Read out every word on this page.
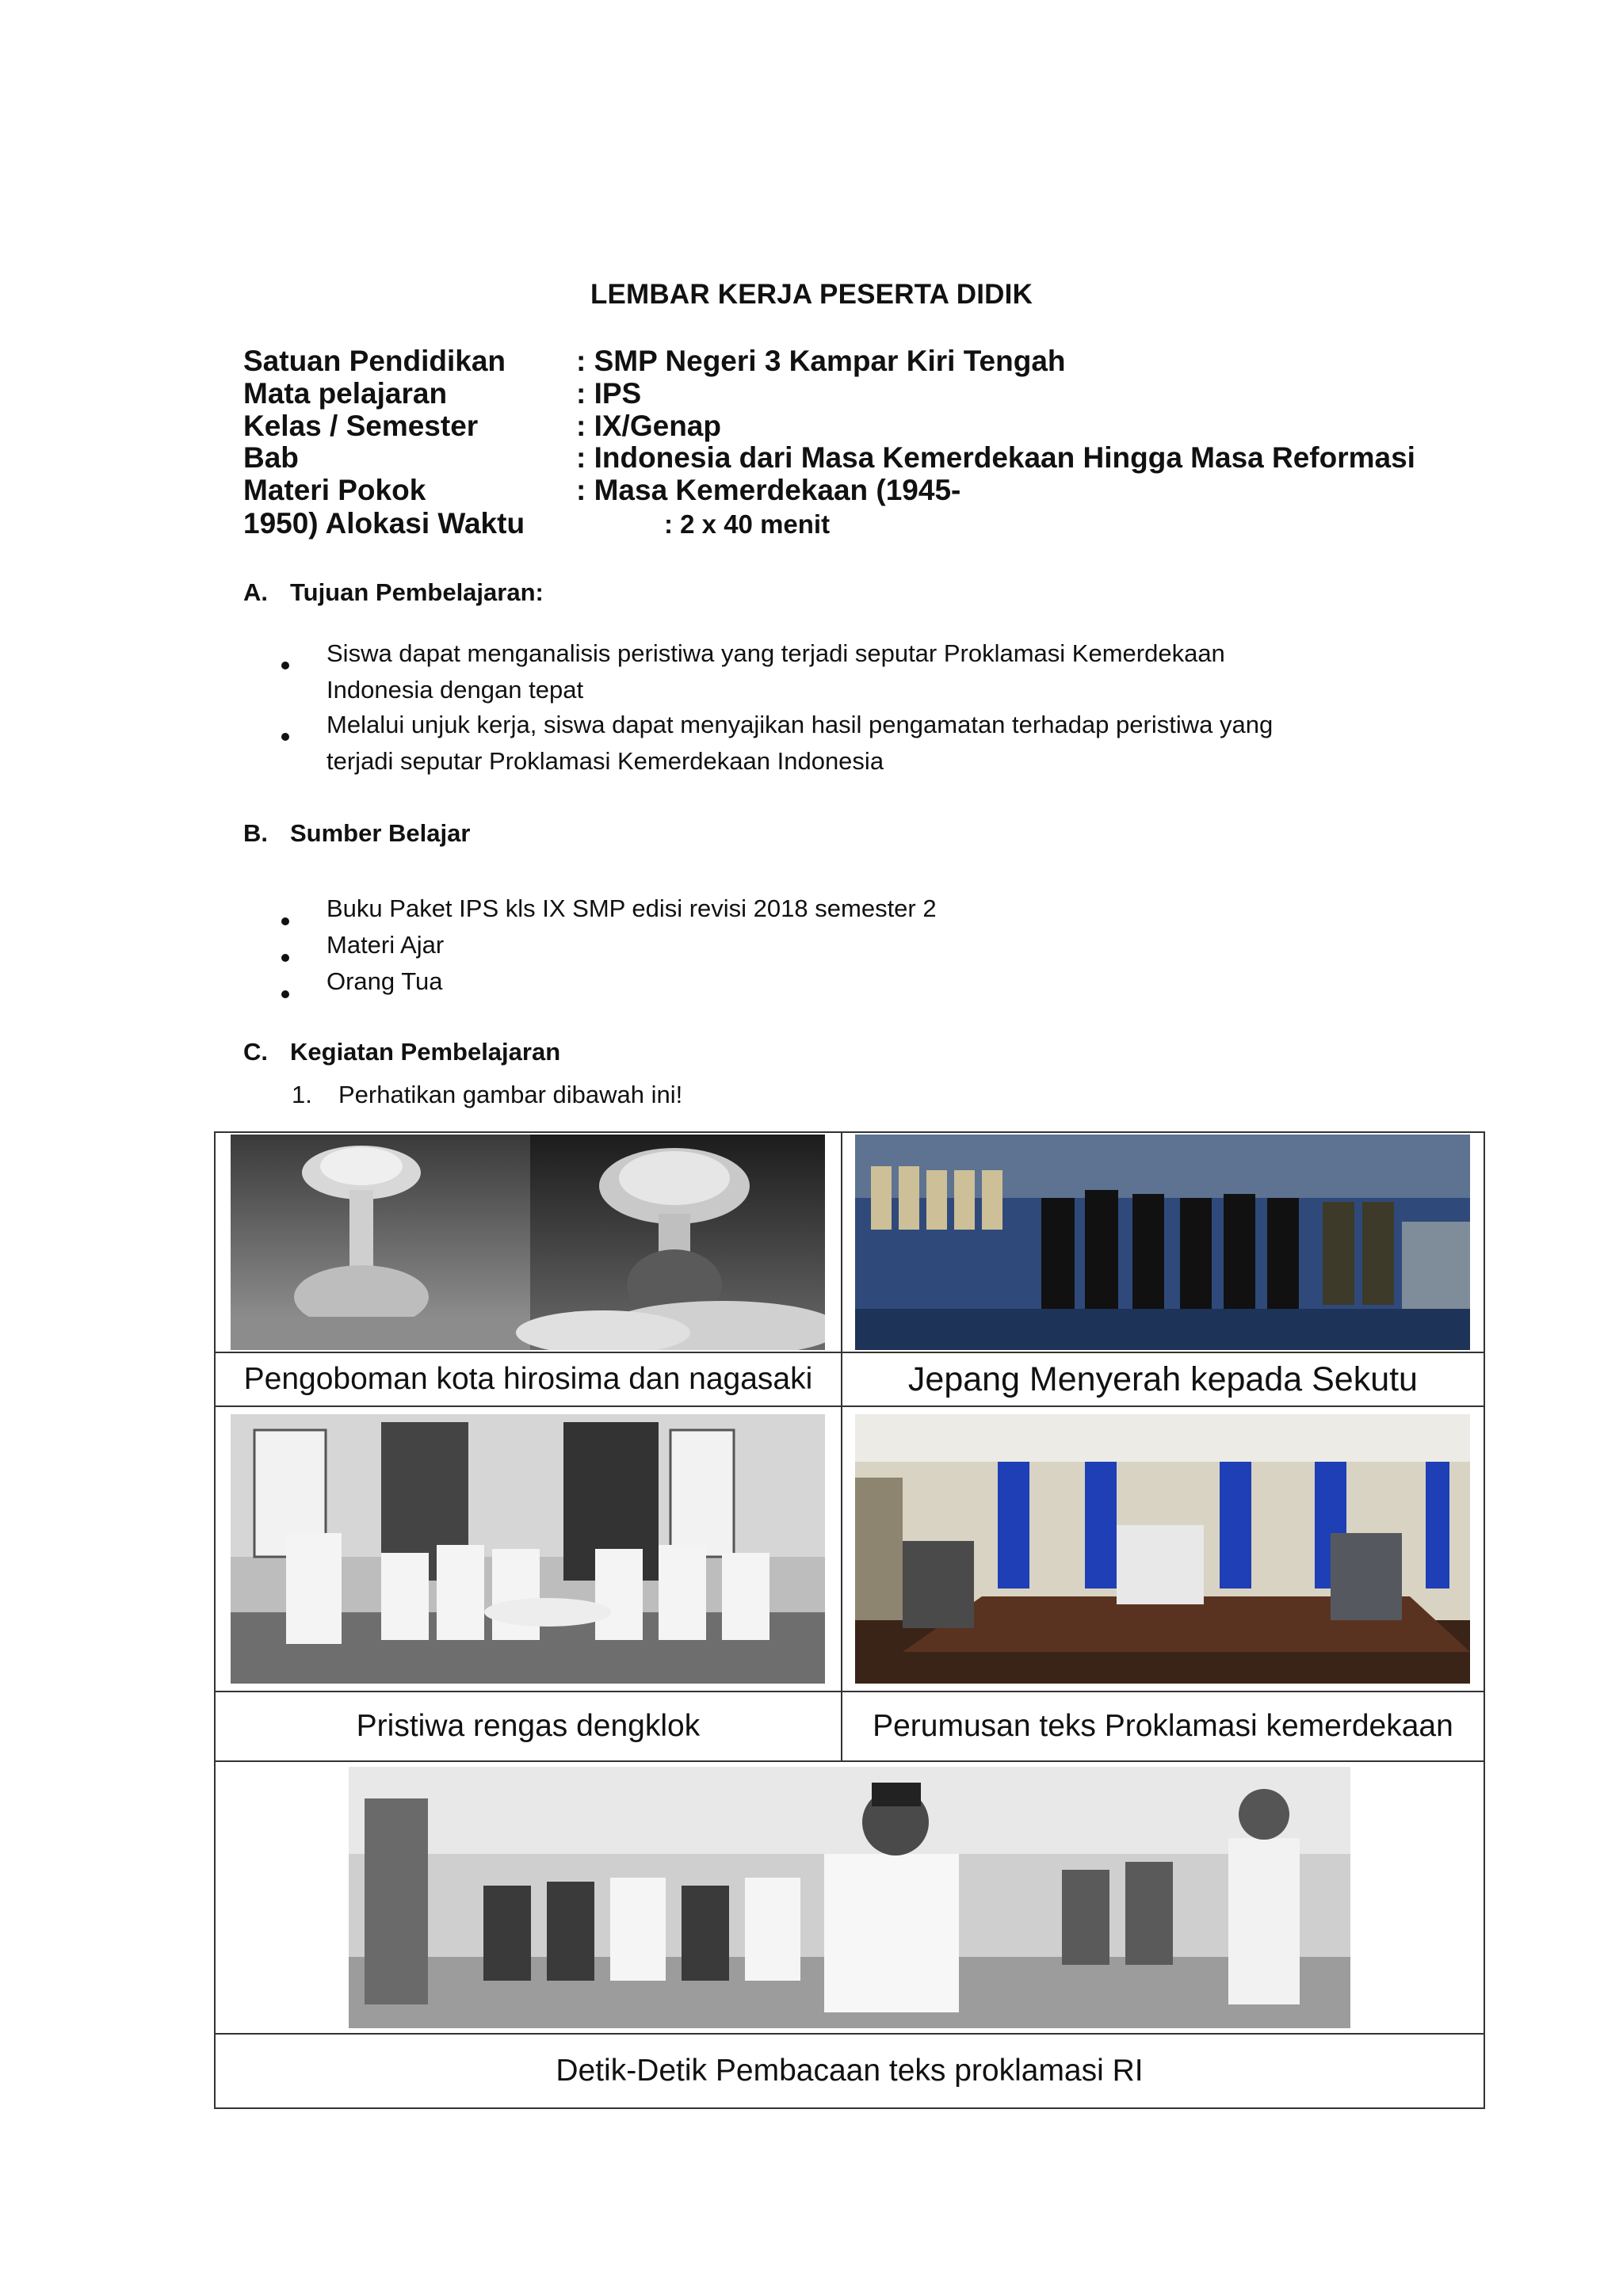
LEMBAR KERJA PESERTA DIDIK
Satuan Pendidikan : SMP Negeri 3 Kampar Kiri Tengah
Mata pelajaran	: IPS
Kelas / Semester	: IX/Genap
Bab	: Indonesia dari Masa Kemerdekaan Hingga Masa Reformasi
Materi Pokok	: Masa Kemerdekaan (1945-
1950) Alokasi Waktu	: 2 x 40 menit
A. Tujuan Pembelajaran:
Siswa dapat menganalisis peristiwa yang terjadi seputar Proklamasi Kemerdekaan
Indonesia dengan tepat
Melalui unjuk kerja, siswa dapat menyajikan hasil pengamatan terhadap peristiwa yang
terjadi seputar Proklamasi Kemerdekaan Indonesia
B. Sumber Belajar
Buku Paket IPS kls IX SMP edisi revisi 2018 semester 2
Materi Ajar
Orang Tua
C. Kegiatan Pembelajaran
1. Perhatikan gambar dibawah ini!

Pengoboman kota hirosima dan nagasaki	Jepang Menyerah kepada Sekutu

Pristiwa rengas dengklok	Perumusan teks Proklamasi kemerdekaan

Detik-Detik Pembacaan teks proklamasi RI	
